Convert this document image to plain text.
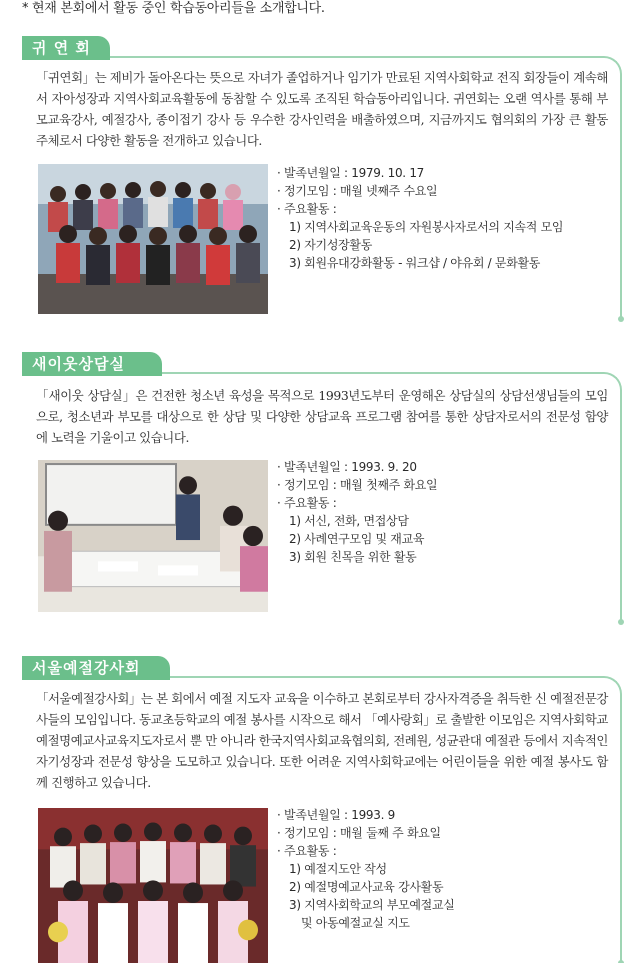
* 현재 본회에서 활동 중인 학습동아리들을 소개합니다.
귀 연 회
「귀연회」는 제비가 돌아온다는 뜻으로 자녀가 졸업하거나 임기가 만료된 지역사회학교 전직 회장들이 계속해서 자아성장과 지역사회교육활동에 동참할 수 있도록 조직된 학습동아리입니다. 귀연회는 오랜 역사를 통해 부모교육강사, 예절강사, 종이접기 강사 등 우수한 강사인력을 배출하였으며, 지금까지도 협의회의 가장 큰 활동주체로서 다양한 활동을 전개하고 있습니다.
· 발족년월일 : 1979. 10. 17
· 정기모임 : 매월 넷째주 수요일
· 주요활동 :
1) 지역사회교육운동의 자원봉사자로서의 지속적 모임
2) 자기성장활동
3) 회원유대강화활동 - 워크샵 / 야유회 / 문화활동
새이웃상담실
「새이웃 상담실」은 건전한 청소년 육성을 목적으로 1993년도부터 운영해온 상담실의 상담선생님들의 모임으로, 청소년과 부모를 대상으로 한 상담 및 다양한 상담교육 프로그램 참여를 통한 상담자로서의 전문성 함양에 노력을 기울이고 있습니다.
· 발족년월일 : 1993. 9. 20
· 정기모임 : 매월 첫째주 화요일
· 주요활동 :
1) 서신, 전화, 면접상담
2) 사례연구모임 및 재교육
3) 회원 친목을 위한 활동
서울예절강사회
「서울예절강사회」는 본 회에서 예절 지도자 교육을 이수하고 본회로부터 강사자격증을 취득한 신 예절전문강사들의 모임입니다. 동교초등학교의 예절 봉사를 시작으로 해서 「예사랑회」로 출발한 이모임은 지역사회학교 예절명예교사교육지도자로서 뿐 만 아니라 한국지역사회교육협의회, 전례원, 성균관대 예절관 등에서 지속적인 자기성장과 전문성 향상을 도모하고 있습니다. 또한 어려운 지역사회학교에는 어린이들을 위한 예절 봉사도 함께 진행하고 있습니다.
· 발족년월일 : 1993. 9
· 정기모임 : 매월 둘째 주 화요일
· 주요활동 :
1) 예절지도안 작성
2) 예절명예교사교육 강사활동
3) 지역사회학교의 부모예절교실
및 아동예절교실 지도
